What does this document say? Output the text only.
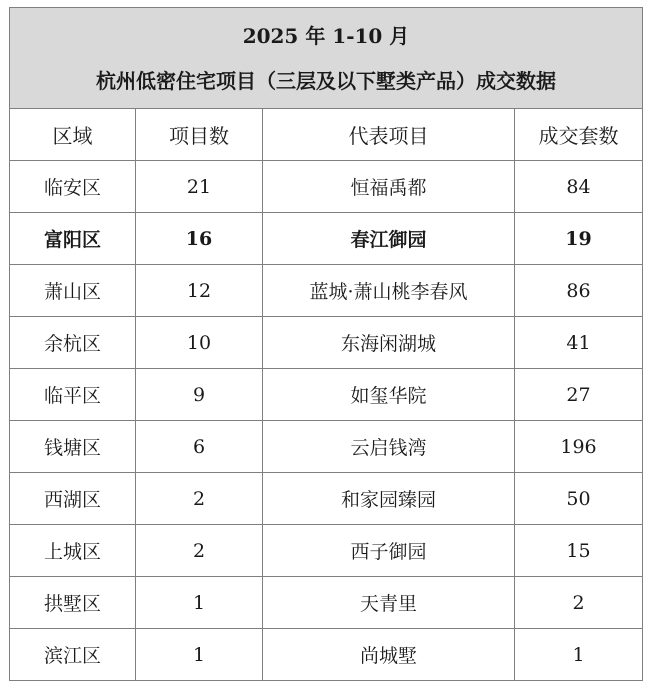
2025 年 1-10 月
杭州低密住宅项目（三层及以下墅类产品）成交数据			

区域	项目数	代表项目	成交套数
临安区	21	恒福禹都	84
富阳区	16	春江御园	19
萧山区	12	蓝城·萧山桃李春风	86
余杭区	10	东海闲湖城	41
临平区	9	如玺华院	27
钱塘区	6	云启钱湾	196
西湖区	2	和家园臻园	50
上城区	2	西子御园	15
拱墅区	1	天青里	2
滨江区	1	尚城墅	1
